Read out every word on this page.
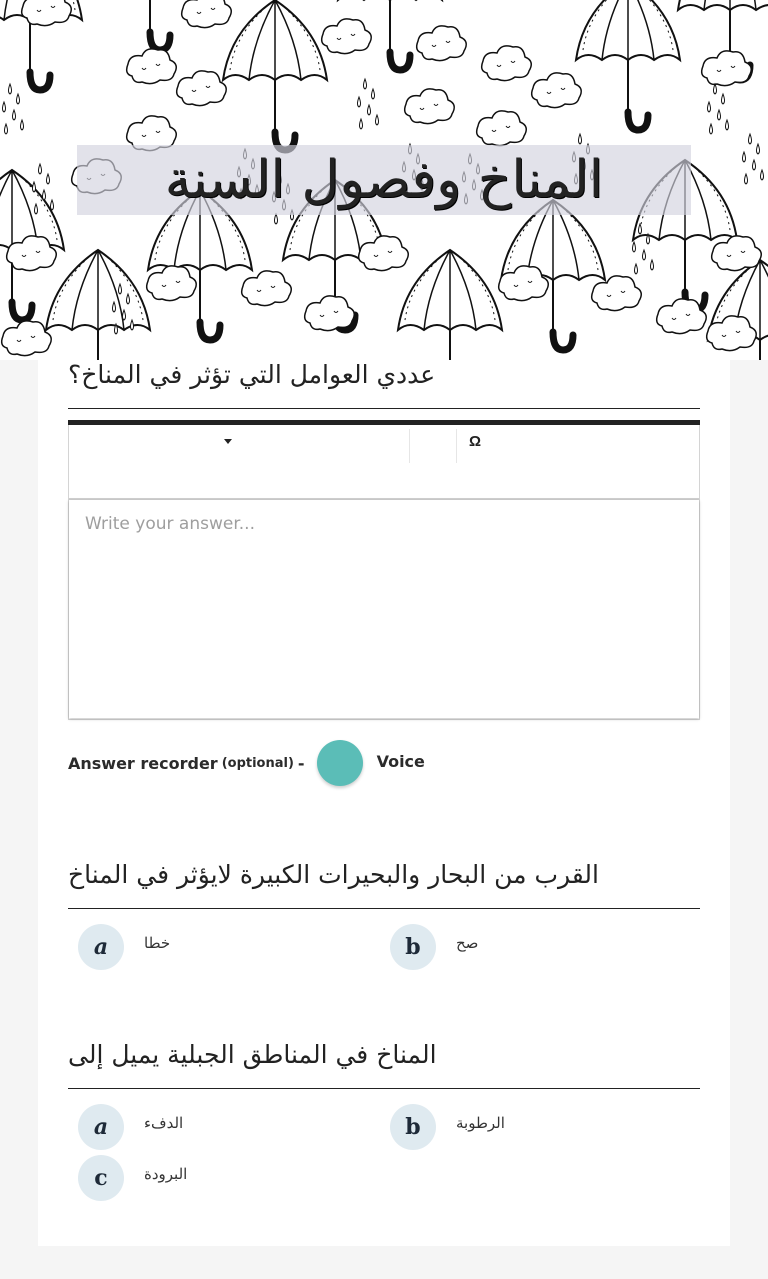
المناخ وفصول السنة
عددي العوامل التي تؤثر في المناخ؟
Ω
Write your answer...
Answer recorder (optional) -	Voice
القرب من البحار والبحيرات الكبيرة لايؤثر في المناخ
a	خطا	b	صح
المناخ في المناطق الجبلية يميل إلى
a	الدفء	b	الرطوبة
c	البرودة
